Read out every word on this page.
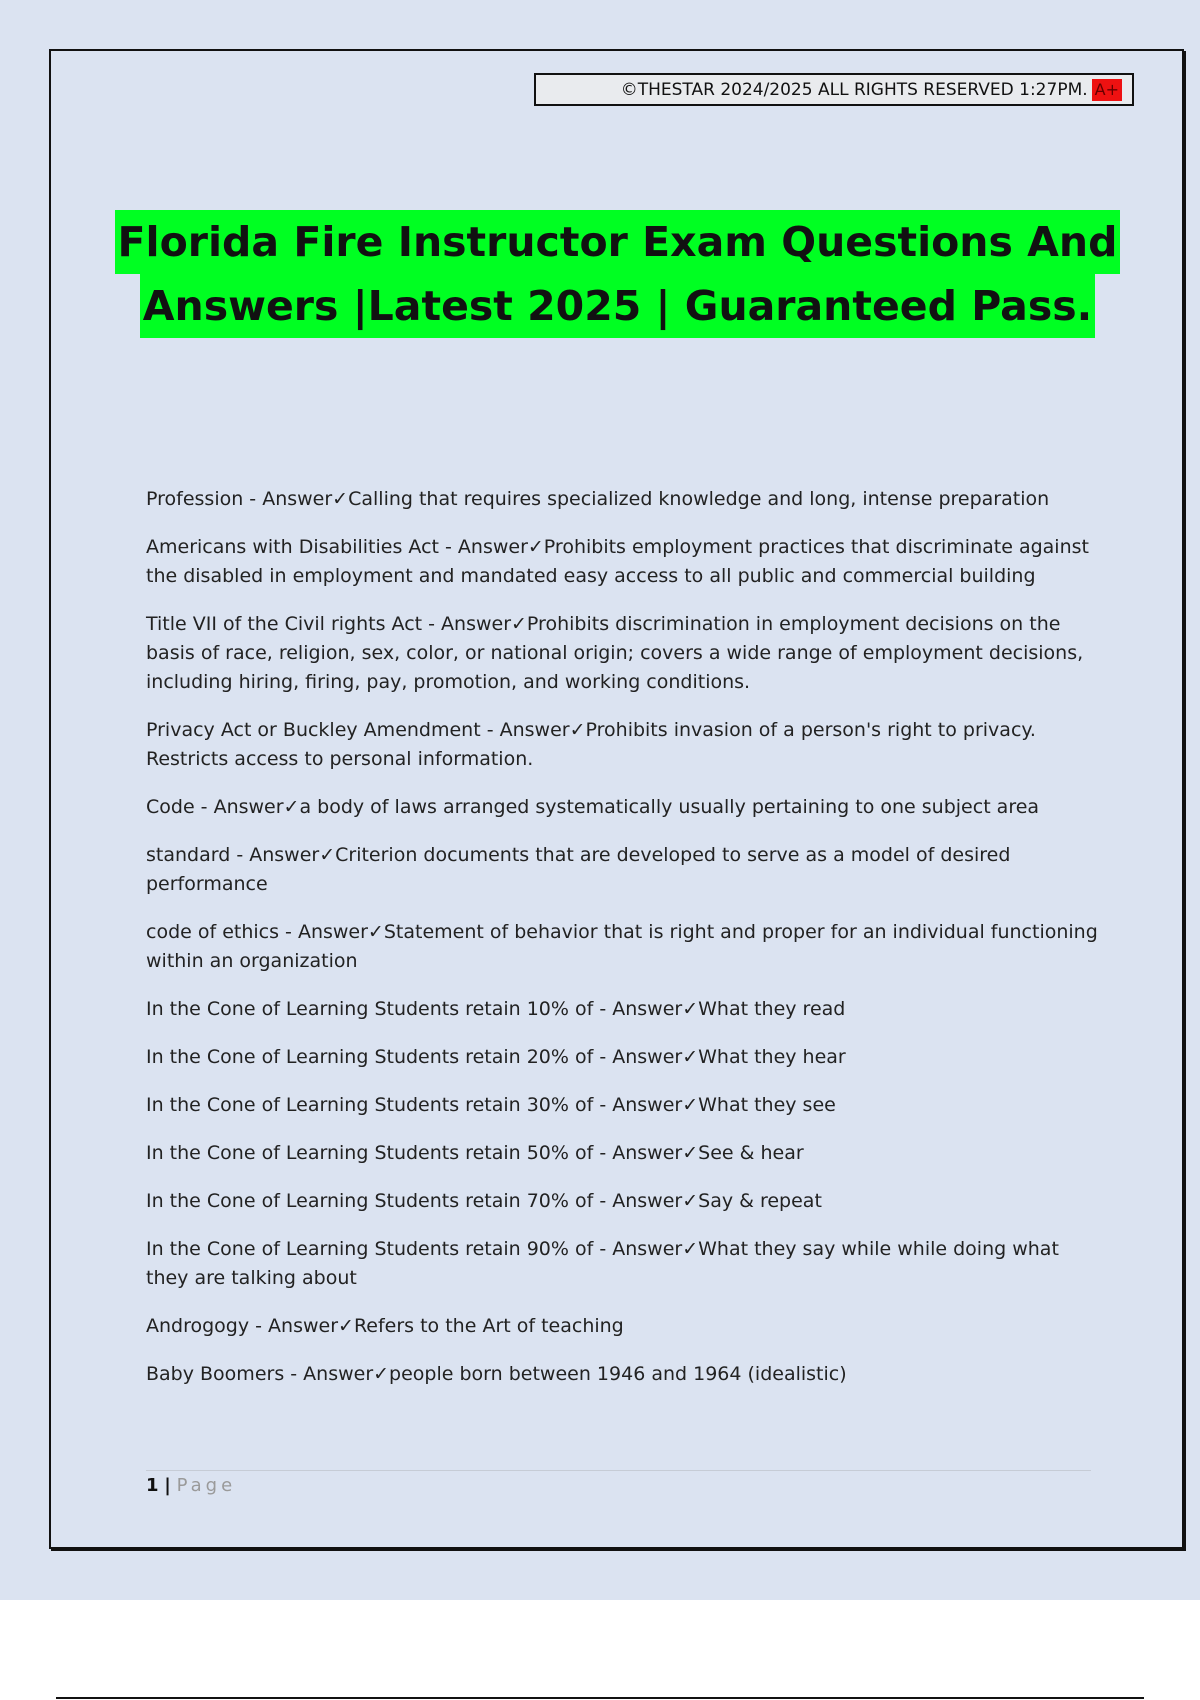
©THESTAR 2024/2025 ALL RIGHTS RESERVED 1:27PM. A+
Florida Fire Instructor Exam Questions And
Answers |Latest 2025 | Guaranteed Pass.
Profession - Answer✓Calling that requires specialized knowledge and long, intense preparation
Americans with Disabilities Act - Answer✓Prohibits employment practices that discriminate against the disabled in employment and mandated easy access to all public and commercial building
Title VII of the Civil rights Act - Answer✓Prohibits discrimination in employment decisions on the basis of race, religion, sex, color, or national origin; covers a wide range of employment decisions, including hiring, firing, pay, promotion, and working conditions.
Privacy Act or Buckley Amendment - Answer✓Prohibits invasion of a person's right to privacy. Restricts access to personal information.
Code - Answer✓a body of laws arranged systematically usually pertaining to one subject area
standard - Answer✓Criterion documents that are developed to serve as a model of desired performance
code of ethics - Answer✓Statement of behavior that is right and proper for an individual functioning within an organization
In the Cone of Learning Students retain 10% of - Answer✓What they read
In the Cone of Learning Students retain 20% of - Answer✓What they hear
In the Cone of Learning Students retain 30% of - Answer✓What they see
In the Cone of Learning Students retain 50% of - Answer✓See & hear
In the Cone of Learning Students retain 70% of - Answer✓Say & repeat
In the Cone of Learning Students retain 90% of - Answer✓What they say while while doing what they are talking about
Androgogy - Answer✓Refers to the Art of teaching
Baby Boomers - Answer✓people born between 1946 and 1964 (idealistic)
1 | Page
